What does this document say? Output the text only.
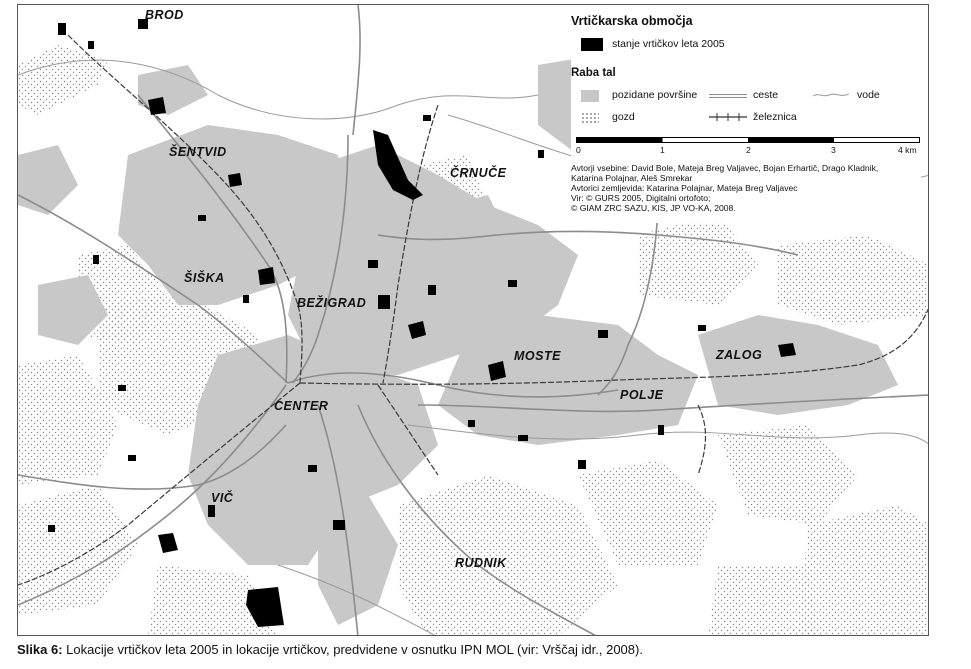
BROD
ŠENTVID
ČRNUČE
ŠIŠKA
BEŽIGRAD
MOSTE	ZALOG
POLJE
CENTER
VIČ
RUDNIK
Vrtičkarska območja
stanje vrtičkov leta 2005
Raba tal
pozidane površine	ceste	vode
gozd	železnica
0	1	2	3	4 km
Avtorji vsebine: David Bole, Mateja Breg Valjavec, Bojan Erhartič, Drago Kladnik,
Katarina Polajnar, Aleš Smrekar
Avtorici zemljevida: Katarina Polajnar, Mateja Breg Valjavec
Vir: © GURS 2005, Digitalni ortofoto;
© GIAM ZRC SAZU, KIS, JP VO-KA, 2008.
Slika 6: Lokacije vrtičkov leta 2005 in lokacije vrtičkov, predvidene v osnutku IPN MOL (vir: Vrščaj idr., 2008).
